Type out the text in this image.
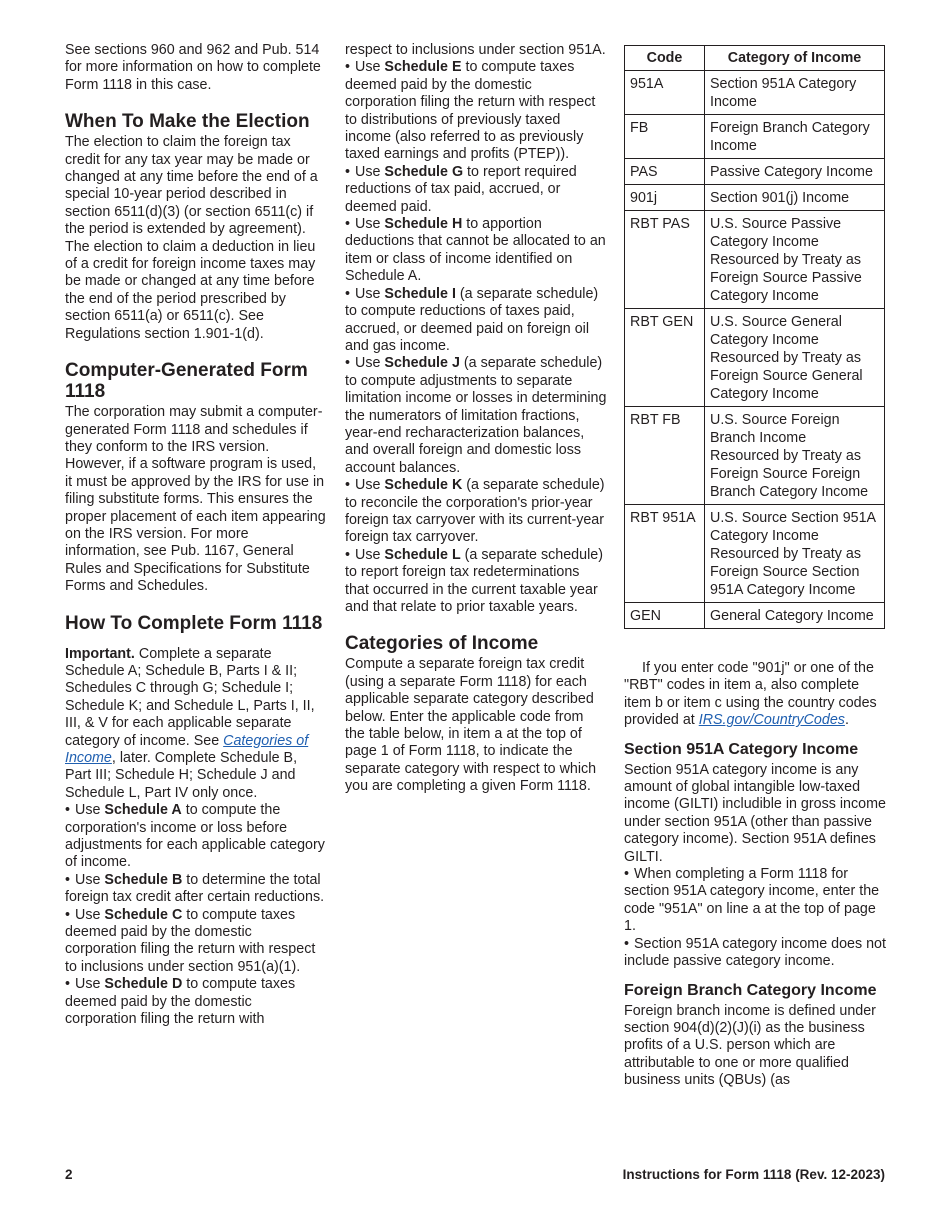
See sections 960 and 962 and Pub. 514 for more information on how to complete Form 1118 in this case.

When To Make the Election

The election to claim the foreign tax credit for any tax year may be made or changed at any time before the end of a special 10-year period described in section 6511(d)(3) (or section 6511(c) if the period is extended by agreement). The election to claim a deduction in lieu of a credit for foreign income taxes may be made or changed at any time before the end of the period prescribed by section 6511(a) or 6511(c). See Regulations section 1.901-1(d).

Computer-Generated Form 1118

The corporation may submit a computer-generated Form 1118 and schedules if they conform to the IRS version. However, if a software program is used, it must be approved by the IRS for use in filing substitute forms. This ensures the proper placement of each item appearing on the IRS version. For more information, see Pub. 1167, General Rules and Specifications for Substitute Forms and Schedules.

How To Complete Form 1118

Important. Complete a separate Schedule A; Schedule B, Parts I & II; Schedules C through G; Schedule I; Schedule K; and Schedule L, Parts I, II, III, & V for each applicable separate category of income. See Categories of Income, later. Complete Schedule B, Part III; Schedule H; Schedule J and Schedule L, Part IV only once.

• Use Schedule A to compute the corporation's income or loss before adjustments for each applicable category of income.

• Use Schedule B to determine the total foreign tax credit after certain reductions.

• Use Schedule C to compute taxes deemed paid by the domestic corporation filing the return with respect to inclusions under section 951(a)(1).

• Use Schedule D to compute taxes deemed paid by the domestic corporation filing the return with

respect to inclusions under section 951A.

• Use Schedule E to compute taxes deemed paid by the domestic corporation filing the return with respect to distributions of previously taxed income (also referred to as previously taxed earnings and profits (PTEP)).

• Use Schedule G to report required reductions of tax paid, accrued, or deemed paid.

• Use Schedule H to apportion deductions that cannot be allocated to an item or class of income identified on Schedule A.

• Use Schedule I (a separate schedule) to compute reductions of taxes paid, accrued, or deemed paid on foreign oil and gas income.

• Use Schedule J (a separate schedule) to compute adjustments to separate limitation income or losses in determining the numerators of limitation fractions, year-end recharacterization balances, and overall foreign and domestic loss account balances.

• Use Schedule K (a separate schedule) to reconcile the corporation's prior-year foreign tax carryover with its current-year foreign tax carryover.

• Use Schedule L (a separate schedule) to report foreign tax redeterminations that occurred in the current taxable year and that relate to prior taxable years.

Categories of Income

Compute a separate foreign tax credit (using a separate Form 1118) for each applicable separate category described below. Enter the applicable code from the table below, in item a at the top of page 1 of Form 1118, to indicate the separate category with respect to which you are completing a given Form 1118.

Code	Category of Income
951A	Section 951A Category Income
FB	Foreign Branch Category Income
PAS	Passive Category Income
901j	Section 901(j) Income
RBT PAS	U.S. Source Passive Category Income Resourced by Treaty as Foreign Source Passive Category Income
RBT GEN	U.S. Source General Category Income Resourced by Treaty as Foreign Source General Category Income
RBT FB	U.S. Source Foreign Branch Income Resourced by Treaty as Foreign Source Foreign Branch Category Income
RBT 951A	U.S. Source Section 951A Category Income Resourced by Treaty as Foreign Source Section 951A Category Income
GEN	General Category Income

If you enter code "901j" or one of the "RBT" codes in item a, also complete item b or item c using the country codes provided at IRS.gov/CountryCodes.

Section 951A Category Income

Section 951A category income is any amount of global intangible low-taxed income (GILTI) includible in gross income under section 951A (other than passive category income). Section 951A defines GILTI.

• When completing a Form 1118 for section 951A category income, enter the code "951A" on line a at the top of page 1.

• Section 951A category income does not include passive category income.

Foreign Branch Category Income

Foreign branch income is defined under section 904(d)(2)(J)(i) as the business profits of a U.S. person which are attributable to one or more qualified business units (QBUs) (as

2	Instructions for Form 1118 (Rev. 12-2023)
